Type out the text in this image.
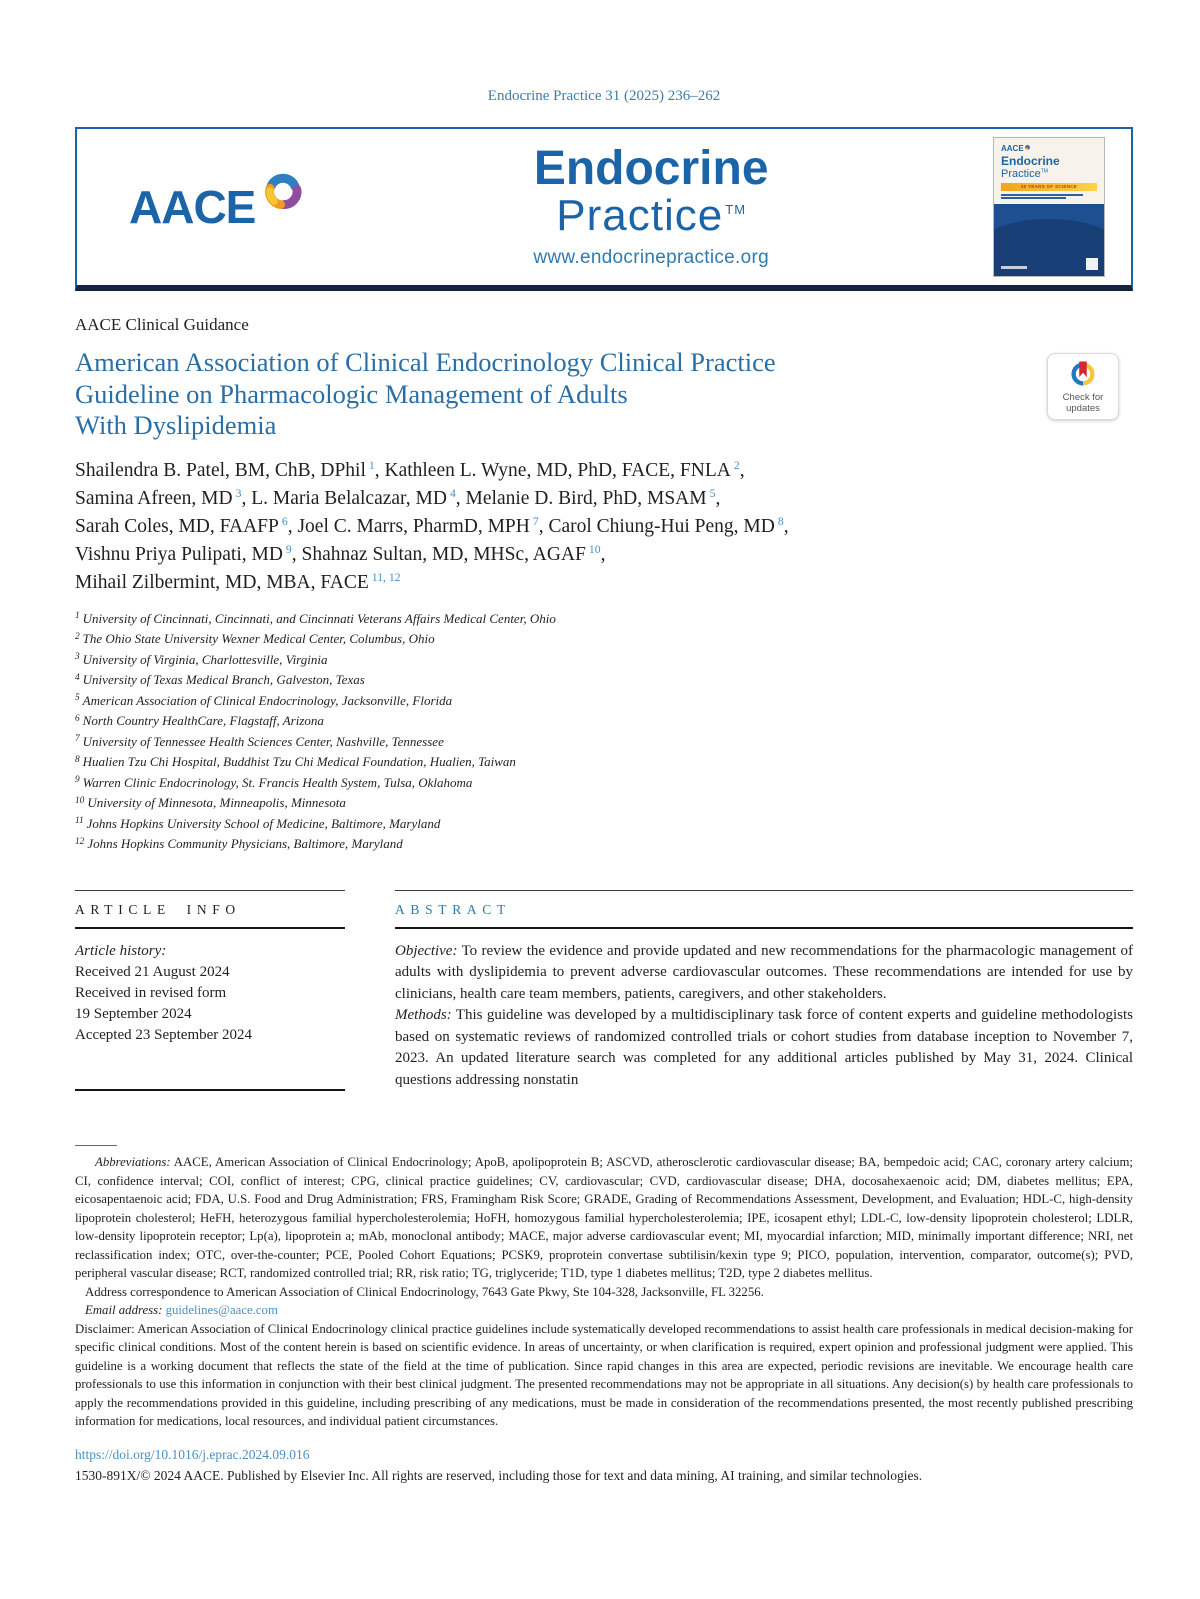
Endocrine Practice 31 (2025) 236–262
AACE
Endocrine
Practice ™
www.endocrinepractice.org
AACE
Endocrine
Practice™
30 YEARS OF SCIENCE
AACE Clinical Guidance
American Association of Clinical Endocrinology Clinical Practice
Guideline on Pharmacologic Management of Adults
With Dyslipidemia
Check for
updates
Shailendra B. Patel, BM, ChB, DPhil $^1$, Kathleen L. Wyne, MD, PhD, FACE, FNLA $^2$,
Samina Afreen, MD $^3$, L. Maria Belalcazar, MD $^4$, Melanie D. Bird, PhD, MSAM $^5$,
Sarah Coles, MD, FAAFP $^6$, Joel C. Marrs, PharmD, MPH $^7$, Carol Chiung-Hui Peng, MD $^8$,
Vishnu Priya Pulipati, MD $^9$, Shahnaz Sultan, MD, MHSc, AGAF $^{10}$,
Mihail Zilbermint, MD, MBA, FACE $^{11, 12}$
$^1$ University of Cincinnati, Cincinnati, and Cincinnati Veterans Affairs Medical Center, Ohio
$^2$ The Ohio State University Wexner Medical Center, Columbus, Ohio
$^3$ University of Virginia, Charlottesville, Virginia
$^4$ University of Texas Medical Branch, Galveston, Texas
$^5$ American Association of Clinical Endocrinology, Jacksonville, Florida
$^6$ North Country HealthCare, Flagstaff, Arizona
$^7$ University of Tennessee Health Sciences Center, Nashville, Tennessee
$^8$ Hualien Tzu Chi Hospital, Buddhist Tzu Chi Medical Foundation, Hualien, Taiwan
$^9$ Warren Clinic Endocrinology, St. Francis Health System, Tulsa, Oklahoma
$^{10}$ University of Minnesota, Minneapolis, Minnesota
$^{11}$ Johns Hopkins University School of Medicine, Baltimore, Maryland
$^{12}$ Johns Hopkins Community Physicians, Baltimore, Maryland
ARTICLE INFO
Article history:
Received 21 August 2024
Received in revised form
19 September 2024
Accepted 23 September 2024
ABSTRACT

Objective: To review the evidence and provide updated and new recommendations for the pharmacologic management of adults with dyslipidemia to prevent adverse cardiovascular outcomes. These recommendations are intended for use by clinicians, health care team members, patients, caregivers, and other stakeholders.

Methods: This guideline was developed by a multidisciplinary task force of content experts and guideline methodologists based on systematic reviews of randomized controlled trials or cohort studies from database inception to November 7, 2023. An updated literature search was completed for any additional articles published by May 31, 2024. Clinical questions addressing nonstatin

Abbreviations: AACE, American Association of Clinical Endocrinology; ApoB, apolipoprotein B; ASCVD, atherosclerotic cardiovascular disease; BA, bempedoic acid; CAC, coronary artery calcium; CI, confidence interval; COI, conflict of interest; CPG, clinical practice guidelines; CV, cardiovascular; CVD, cardiovascular disease; DHA, docosahexaenoic acid; DM, diabetes mellitus; EPA, eicosapentaenoic acid; FDA, U.S. Food and Drug Administration; FRS, Framingham Risk Score; GRADE, Grading of Recommendations Assessment, Development, and Evaluation; HDL-C, high-density lipoprotein cholesterol; HeFH, heterozygous familial hypercholesterolemia; HoFH, homozygous familial hypercholesterolemia; IPE, icosapent ethyl; LDL-C, low-density lipoprotein cholesterol; LDLR, low-density lipoprotein receptor; Lp(a), lipoprotein a; mAb, monoclonal antibody; MACE, major adverse cardiovascular event; MI, myocardial infarction; MID, minimally important difference; NRI, net reclassification index; OTC, over-the-counter; PCE, Pooled Cohort Equations; PCSK9, proprotein convertase subtilisin/kexin type 9; PICO, population, intervention, comparator, outcome(s); PVD, peripheral vascular disease; RCT, randomized controlled trial; RR, risk ratio; TG, triglyceride; T1D, type 1 diabetes mellitus; T2D, type 2 diabetes mellitus.

Address correspondence to American Association of Clinical Endocrinology, 7643 Gate Pkwy, Ste 104-328, Jacksonville, FL 32256.

Email address: guidelines@aace.com

Disclaimer: American Association of Clinical Endocrinology clinical practice guidelines include systematically developed recommendations to assist health care professionals in medical decision-making for specific clinical conditions. Most of the content herein is based on scientific evidence. In areas of uncertainty, or when clarification is required, expert opinion and professional judgment were applied. This guideline is a working document that reflects the state of the field at the time of publication. Since rapid changes in this area are expected, periodic revisions are inevitable. We encourage health care professionals to use this information in conjunction with their best clinical judgment. The presented recommendations may not be appropriate in all situations. Any decision(s) by health care professionals to apply the recommendations provided in this guideline, including prescribing of any medications, must be made in consideration of the recommendations presented, the most recently published prescribing information for medications, local resources, and individual patient circumstances.

https://doi.org/10.1016/j.eprac.2024.09.016
1530-891X/© 2024 AACE. Published by Elsevier Inc. All rights are reserved, including those for text and data mining, AI training, and similar technologies.
